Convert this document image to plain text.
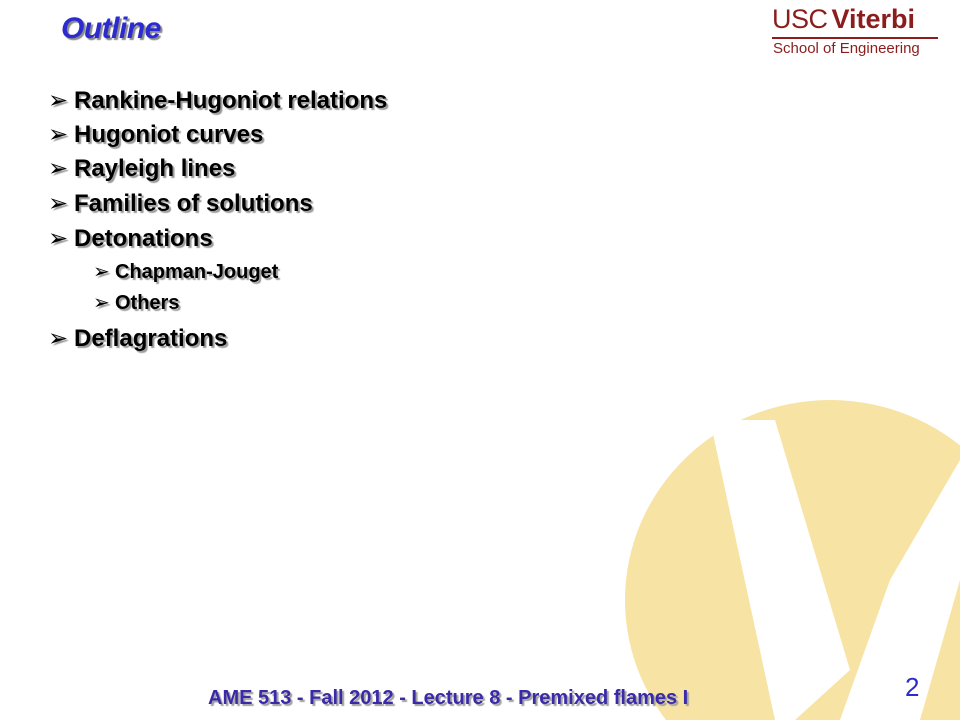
Outline	USC Viterbi
School of Engineering
➢ Rankine-Hugoniot relations
➢ Hugoniot curves
➢ Rayleigh lines
➢ Families of solutions
➢ Detonations
➢ Chapman-Jouget
➢ Others
➢ Deflagrations
AME 513 - Fall 2012 - Lecture 8 - Premixed flames I	2
